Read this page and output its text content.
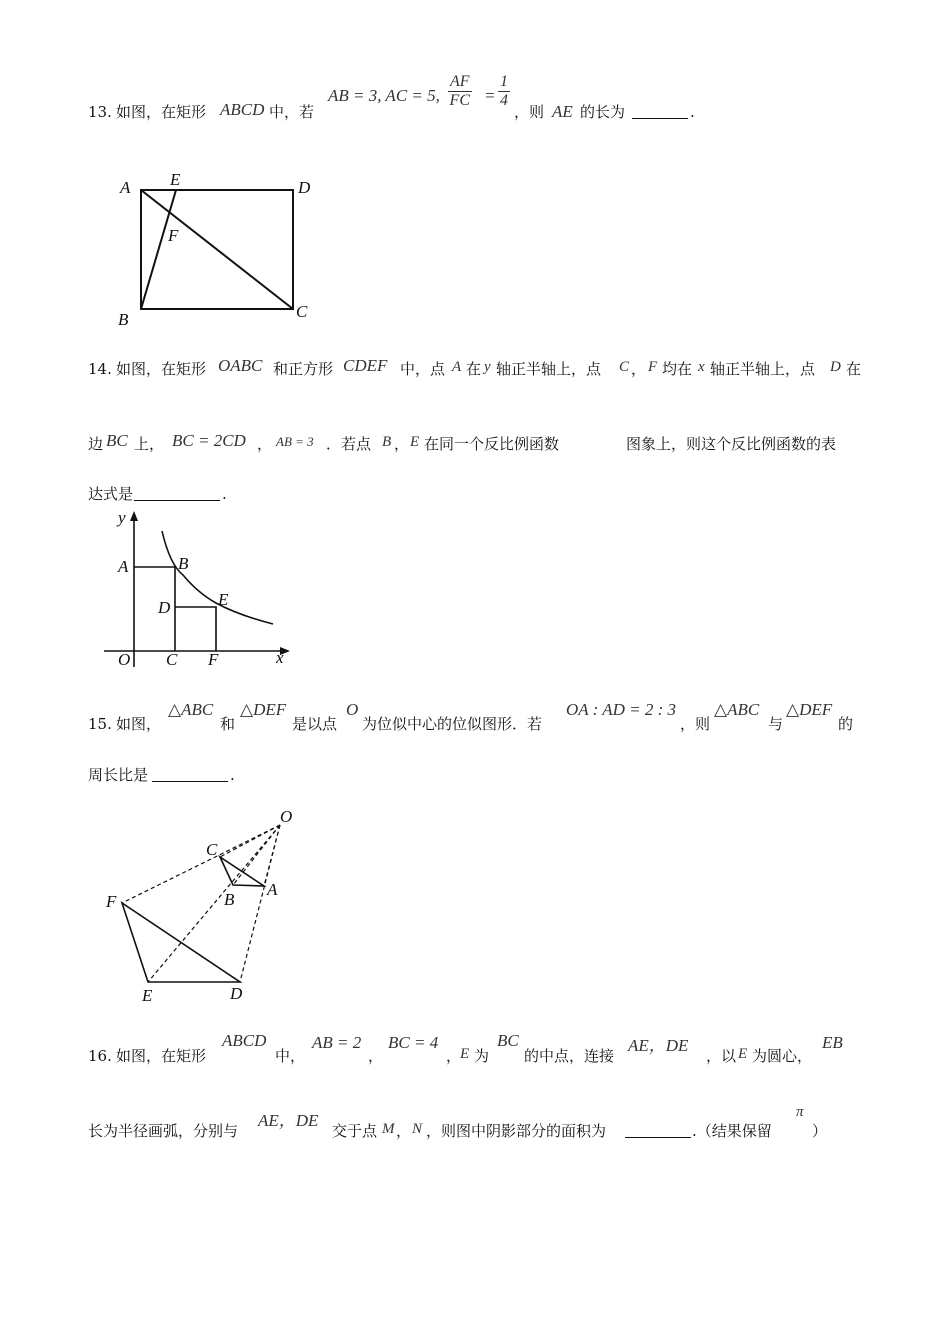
13. 如图，在矩形 ABCD 中，若
AB = 3, AC = 5, $\frac{AF}{FC} = \frac{1}{4}$
，则 AE 的长为	.
A E	D
F
B	C
14. 如图，在矩形 OABC 和正方形 CDEF 中，点 A 在 y 轴正半轴上，点 C ， F 均在 x 轴正半轴上，点 D 在
边 BC 上， BC = 2CD ， AB = 3 ．若点 B ， E 在同一个反比例函数	图象上，则这个反比例函数的表
达式是	.
y
A	B
D	E
O C F	x
15. 如图，
△ABC
和
△DEF
是以点
O
为位似中心的位似图形．若
OA : AD = 2 : 3
，则
△ABC
与
△DEF
的
周长比是	.
O
C
F	B
A
E	D
16. 如图，在矩形
ABCD
中，
AB = 2
，
BC = 4
，
E 为
BC
的中点，连接
AE，DE
，以 E 为圆心，
EB
长为半径画弧，分别与
AE，DE
交于点 M ， N ，则图中阴影部分的面积为	.（结果保留
π
）
